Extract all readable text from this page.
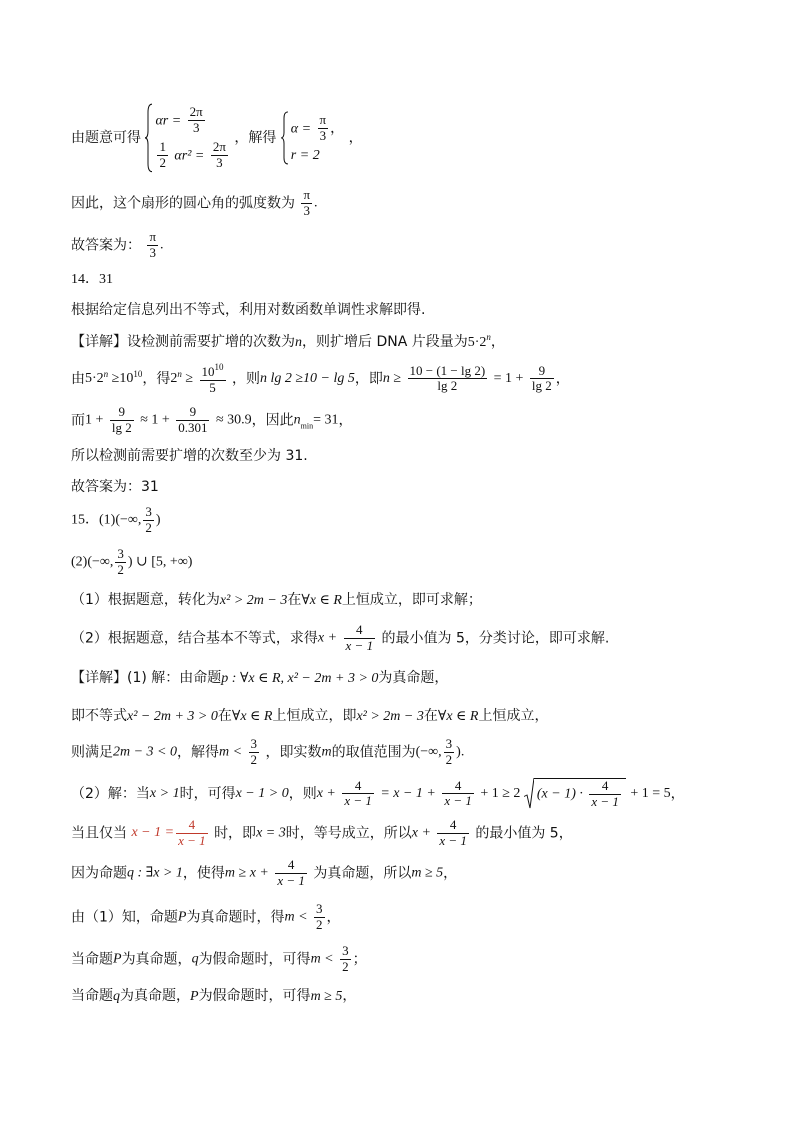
由题意可得
$\alpha r = \frac{2\pi}{3}$
$\frac{1}{2} \alpha r^2 = \frac{2\pi}{3}$
，解得
$\alpha = \frac{\pi}{3}$ ，
r = 2
，
因此，这个扇形的圆心角的弧度数为 $\frac{\pi}{3}$ .
故答案为： $\frac{\pi}{3}$ .
14．31
根据给定信息列出不等式，利用对数函数单调性求解即得.
【详解】设检测前需要扩增的次数为n，则扩增后 DNA 片段量为$5\cdot 2^n$，
由$5\cdot 2^n \ge 10^{10}$，得$2^n \ge \frac{10^{10}}{5}$ ，则n lg 2 ≥10 − lg 5，即$n \ge \frac{10 - (1 - \lg 2)}{\lg 2} = 1 + \frac{9}{\lg 2}$ ，
而$1 + \frac{9}{\lg 2} \approx 1 + \frac{9}{0.301} \approx 30.9$，因此$n_{min}= 31$，
所以检测前需要扩增的次数至少为 31.
故答案为：31
15．(1)(−∞, $\frac{3}{2}$ )
(2)(−∞, $\frac{3}{2}$ ) ∪ [5, +∞)
（1）根据题意，转化为x² > 2m − 3在∀x ∈ R上恒成立，即可求解；
（2）根据题意，结合基本不等式，求得$x + \frac{4}{x - 1}$ 的最小值为 5，分类讨论，即可求解.
【详解】(1) 解：由命题p : ∀x ∈ R, x² − 2m + 3 > 0为真命题，
即不等式x² − 2m + 3 > 0在∀x ∈ R上恒成立，即x² > 2m − 3在∀x ∈ R上恒成立，
则满足2m − 3 < 0，解得$m < \frac{3}{2}$ ，即实数m的取值范围为(−∞, $\frac{3}{2}$ ).
（2）解：当x > 1时，可得x − 1 > 0，则$x + \frac{4}{x - 1} = x - 1 + \frac{4}{x - 1} + 1 \ge 2$ $(x - 1) \cdot \frac{4}{x - 1} + 1 = 5$，
当且仅当 $x - 1 = \frac{4}{x - 1}$ 时，即x = 3时，等号成立，所以$x + \frac{4}{x - 1}$ 的最小值为 5，
因为命题q : ∃x > 1，使得$m \ge x + \frac{4}{x - 1}$ 为真命题，所以m ≥ 5，
由（1）知，命题P为真命题时，得$m < \frac{3}{2}$ ，
当命题P为真命题，q为假命题时，可得$m < \frac{3}{2}$ ；
当命题q为真命题，P为假命题时，可得m ≥ 5，
